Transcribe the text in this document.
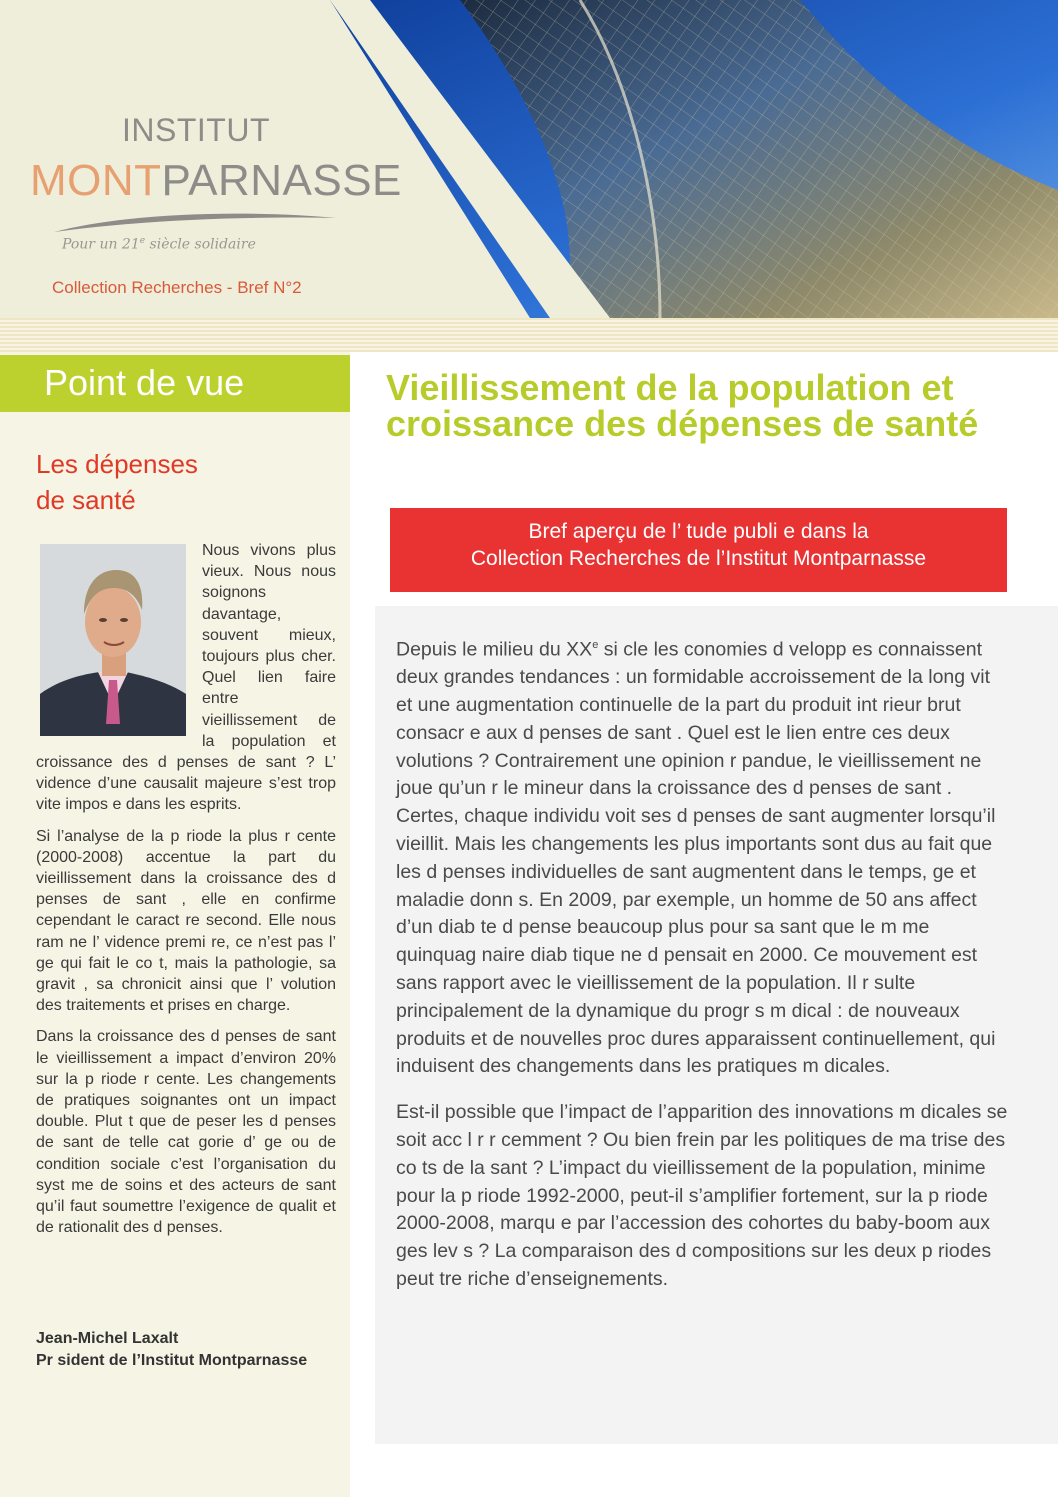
INSTITUT
MONTPARNASSE
Pour un 21e siècle solidaire
Collection Recherches - Bref N°2
Point de vue
Les dépenses
de santé

Nous vivons plus vieux. Nous nous soignons davantage, souvent mieux, toujours plus cher. Quel lien faire entre vieillissement de la population et croissance des d penses de sant ? L’ vidence d’une causalit majeure s’est trop vite impos e dans les esprits.

Si l’analyse de la p riode la plus r cente (2000-2008) accentue la part du vieillissement dans la croissance des d penses de sant , elle en confirme cependant le caract re second. Elle nous ram ne l’ vidence premi re, ce n’est pas l’ ge qui fait le co t, mais la pathologie, sa gravit , sa chronicit ainsi que l’ volution des traitements et prises en charge.

Dans la croissance des d penses de sant le vieillissement a impact d’environ 20% sur la p riode r cente. Les changements de pratiques soignantes ont un impact double. Plut t que de peser les d penses de sant de telle cat gorie d’ ge ou de condition sociale c’est l’organisation du syst me de soins et des acteurs de sant qu’il faut soumettre l’exigence de qualit et de rationalit des d penses.

Jean-Michel Laxalt
Pr sident de l’Institut Montparnasse
Vieillissement de la population et croissance des dépenses de santé
Bref aperçu de l’ tude publi e dans la
Collection Recherches de l’Institut Montparnasse

Depuis le milieu du XXe si cle les conomies d velopp es connaissent deux grandes tendances : un formidable accroissement de la long vit et une augmentation continuelle de la part du produit int rieur brut consacr e aux d penses de sant . Quel est le lien entre ces deux volutions ? Contrairement une opinion r pandue, le vieillissement ne joue qu’un r le mineur dans la croissance des d penses de sant . Certes, chaque individu voit ses d penses de sant augmenter lorsqu’il vieillit. Mais les changements les plus importants sont dus au fait que les d penses individuelles de sant augmentent dans le temps, ge et maladie donn s. En 2009, par exemple, un homme de 50 ans affect d’un diab te d pense beaucoup plus pour sa sant que le m me quinquag naire diab tique ne d pensait en 2000. Ce mouvement est sans rapport avec le vieillissement de la population. Il r sulte principalement de la dynamique du progr s m dical : de nouveaux produits et de nouvelles proc dures apparaissent continuellement, qui induisent des changements dans les pratiques m dicales.

Est-il possible que l’impact de l’apparition des innovations m dicales se soit acc l r r cemment ? Ou bien frein par les politiques de ma trise des co ts de la sant ? L’impact du vieillissement de la population, minime pour la p riode 1992-2000, peut-il s’amplifier fortement, sur la p riode 2000-2008, marqu e par l’accession des cohortes du baby-boom aux ges lev s ? La comparaison des d compositions sur les deux p riodes peut tre riche d’enseignements.
